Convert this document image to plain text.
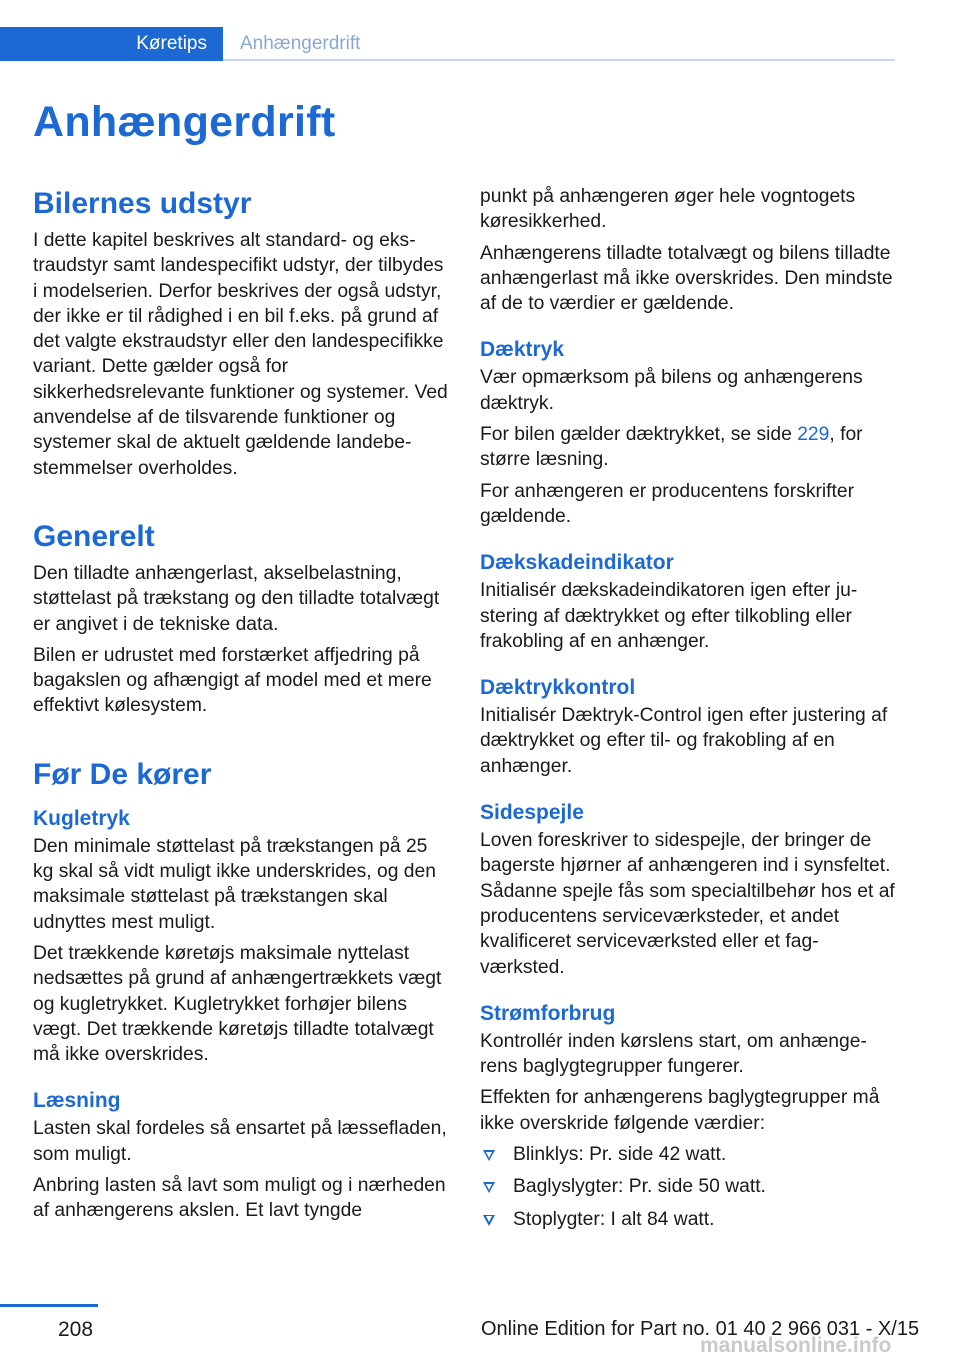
Køretips Anhængerdrift
Anhængerdrift
Bilernes udstyr

I dette kapitel beskrives alt standard- og ekstraudstyr samt landespecifikt udstyr, der tilbydes i modelserien. Derfor beskrives der også udstyr, der ikke er til rådighed i en bil f.eks. på grund af det valgte ekstraudstyr eller den landespecifikke variant. Dette gælder også for sikkerhedsrelevante funktioner og systemer. Ved anvendelse af de tilsvarende funktioner og systemer skal de aktuelt gældende landebestemmelser overholdes.

Generelt

Den tilladte anhængerlast, akselbelastning, støttelast på trækstang og den tilladte totalvægt er angivet i de tekniske data.

Bilen er udrustet med forstærket affjedring på bagakslen og afhængigt af model med et mere effektivt kølesystem.

Før De kører
Kugletryk

Den minimale støttelast på trækstangen på 25 kg skal så vidt muligt ikke underskrides, og den maksimale støttelast på trækstangen skal udnyttes mest muligt.

Det trækkende køretøjs maksimale nyttelast nedsættes på grund af anhængertrækkets vægt og kugletrykket. Kugletrykket forhøjer bilens vægt. Det trækkende køretøjs tilladte totalvægt må ikke overskrides.

Læsning

Lasten skal fordeles så ensartet på læssefladen, som muligt.

Anbring lasten så lavt som muligt og i nærheden af anhængerens akslen. Et lavt tyngde

punkt på anhængeren øger hele vogntogets køresikkerhed.

Anhængerens tilladte totalvægt og bilens tilladte anhængerlast må ikke overskrides. Den mindste af de to værdier er gældende.

Dæktryk

Vær opmærksom på bilens og anhængerens dæktryk.

For bilen gælder dæktrykket, se side 229, for større læsning.

For anhængeren er producentens forskrifter gældende.

Dækskadeindikator

Initialisér dækskadeindikatoren igen efter justering af dæktrykket og efter tilkobling eller frakobling af en anhænger.

Dæktrykkontrol

Initialisér Dæktryk-Control igen efter justering af dæktrykket og efter til- og frakobling af en anhænger.

Sidespejle

Loven foreskriver to sidespejle, der bringer de bagerste hjørner af anhængeren ind i synsfeltet. Sådanne spejle fås som specialtilbehør hos et af producentens serviceværksteder, et andet kvalificeret serviceværksted eller et fagværksted.

Strømforbrug

Kontrollér inden kørslens start, om anhængerens baglygtegrupper fungerer.

Effekten for anhængerens baglygtegrupper må ikke overskride følgende værdier:

Blinklys: Pr. side 42 watt.
Baglyslygter: Pr. side 50 watt.
Stoplygter: I alt 84 watt.
208	Online Edition for Part no. 01 40 2 966 031 - X/15
manualsonline.info
